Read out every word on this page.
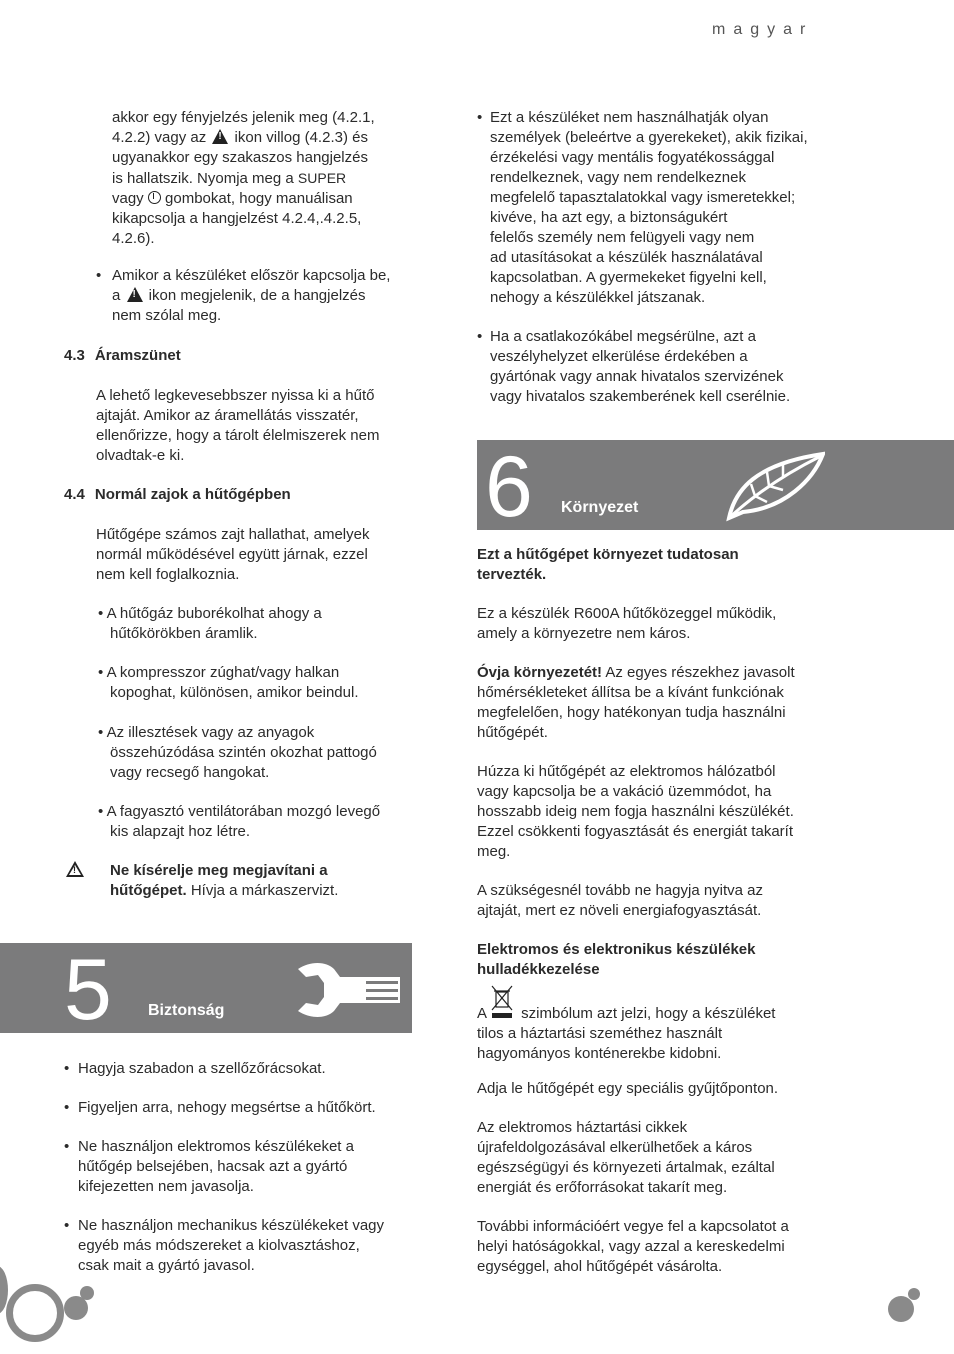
magyar

akkor egy fényjelzés jelenik meg (4.2.1,

4.2.2) vagy az ! ikon villog (4.2.3) és

ugyanakkor egy szakaszos hangjelzés

is hallatszik. Nyomja meg a SUPER

vagy  gombokat, hogy manuálisan

kikapcsolja a hangjelzést 4.2.4,.4.2.5,

4.2.6).

• Amikor a készüléket először kapcsolja be,

a ! ikon megjelenik, de a hangjelzés

nem szólal meg.

4.3 Áramszünet

A lehető legkevesebbszer nyissa ki a hűtő

ajtaját. Amikor az áramellátás visszatér,

ellenőrizze, hogy a tárolt élelmiszerek nem

olvadtak-e ki.

4.4 Normál zajok a hűtőgépben

Hűtőgépe számos zajt hallathat, amelyek

normál működésével együtt járnak, ezzel

nem kell foglalkoznia.

• A hűtőgáz buborékolhat ahogy a

hűtőkörökben áramlik.

• A kompresszor zúghat/vagy halkan

kopoghat, különösen, amikor beindul.

• Az illesztések vagy az anyagok

összehúzódása szintén okozhat pattogó

vagy recsegő hangokat.

• A fagyasztó ventilátorában mozgó levegő

kis alapzajt hoz létre.

!

Ne kísérelje meg megjavítani a

hűtőgépet. Hívja a márkaszervizt.

5 Biztonság
• Hagyja szabadon a szellőzőrácsokat.

• Figyeljen arra, nehogy megsértse a hűtőkört.

• Ne használjon elektromos készülékeket a

hűtőgép belsejében, hacsak azt a gyártó

kifejezetten nem javasolja.

• Ne használjon mechanikus készülékeket vagy

egyéb más módszereket a kiolvasztáshoz,

csak mait a gyártó javasol.

• Ezt a készüléket nem használhatják olyan

személyek (beleértve a gyerekeket), akik fizikai,

érzékelési vagy mentális fogyatékossággal

rendelkeznek, vagy nem rendelkeznek

megfelelő tapasztalatokkal vagy ismeretekkel;

kivéve, ha azt egy, a biztonságukért

felelős személy nem felügyeli vagy nem

ad utasításokat a készülék használatával

kapcsolatban. A gyermekeket figyelni kell,

nehogy a készülékkel játszanak.

• Ha a csatlakozókábel megsérülne, azt a

veszélyhelyzet elkerülése érdekében a

gyártónak vagy annak hivatalos szervizének

vagy hivatalos szakemberének kell cserélnie.

6 Környezet

Ezt a hűtőgépet környezet tudatosan

tervezték.

Ez a készülék R600A hűtőközeggel működik,

amely a környezetre nem káros.

Óvja környezetét! Az egyes részekhez javasolt

hőmérsékleteket állítsa be a kívánt funkciónak

megfelelően, hogy hatékonyan tudja használni

hűtőgépét.

Húzza ki hűtőgépét az elektromos hálózatból

vagy kapcsolja be a vakáció üzemmódot, ha

hosszabb ideig nem fogja használni készülékét.

Ezzel csökkenti fogyasztását és energiát takarít

meg.

A szükségesnél tovább ne hagyja nyitva az

ajtaját, mert ez növeli energiafogyasztását.

Elektromos és elektronikus készülékek

hulladékkezelése

A
szimbólum azt jelzi, hogy a készüléket

tilos a háztartási szeméthez használt

hagyományos konténerekbe kidobni.

Adja le hűtőgépét egy speciális gyűjtőponton.

Az elektromos háztartási cikkek

újrafeldolgozásával elkerülhetőek a káros

egészségügyi és környezeti ártalmak, ezáltal

energiát és erőforrásokat takarít meg.

További információért vegye fel a kapcsolatot a

helyi hatóságokkal, vagy azzal a kereskedelmi

egységgel, ahol hűtőgépét vásárolta.
